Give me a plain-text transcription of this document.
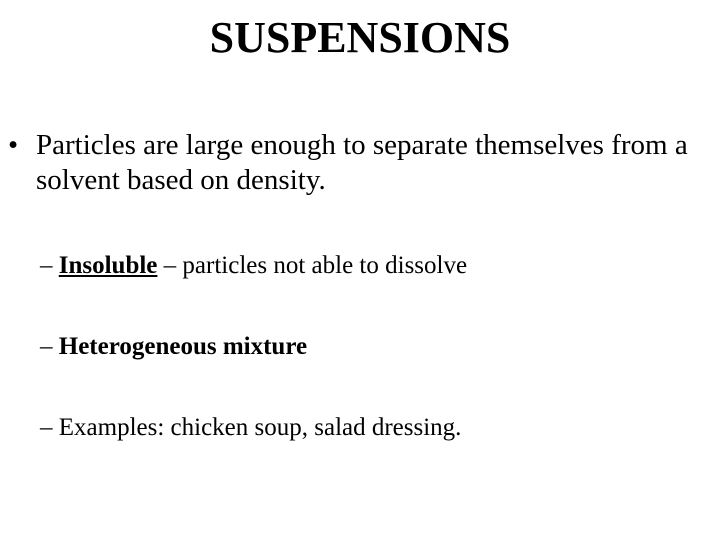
SUSPENSIONS
• Particles are large enough to separate themselves from a solvent based on density.
– Insoluble – particles not able to dissolve
– Heterogeneous mixture
– Examples: chicken soup, salad dressing.
